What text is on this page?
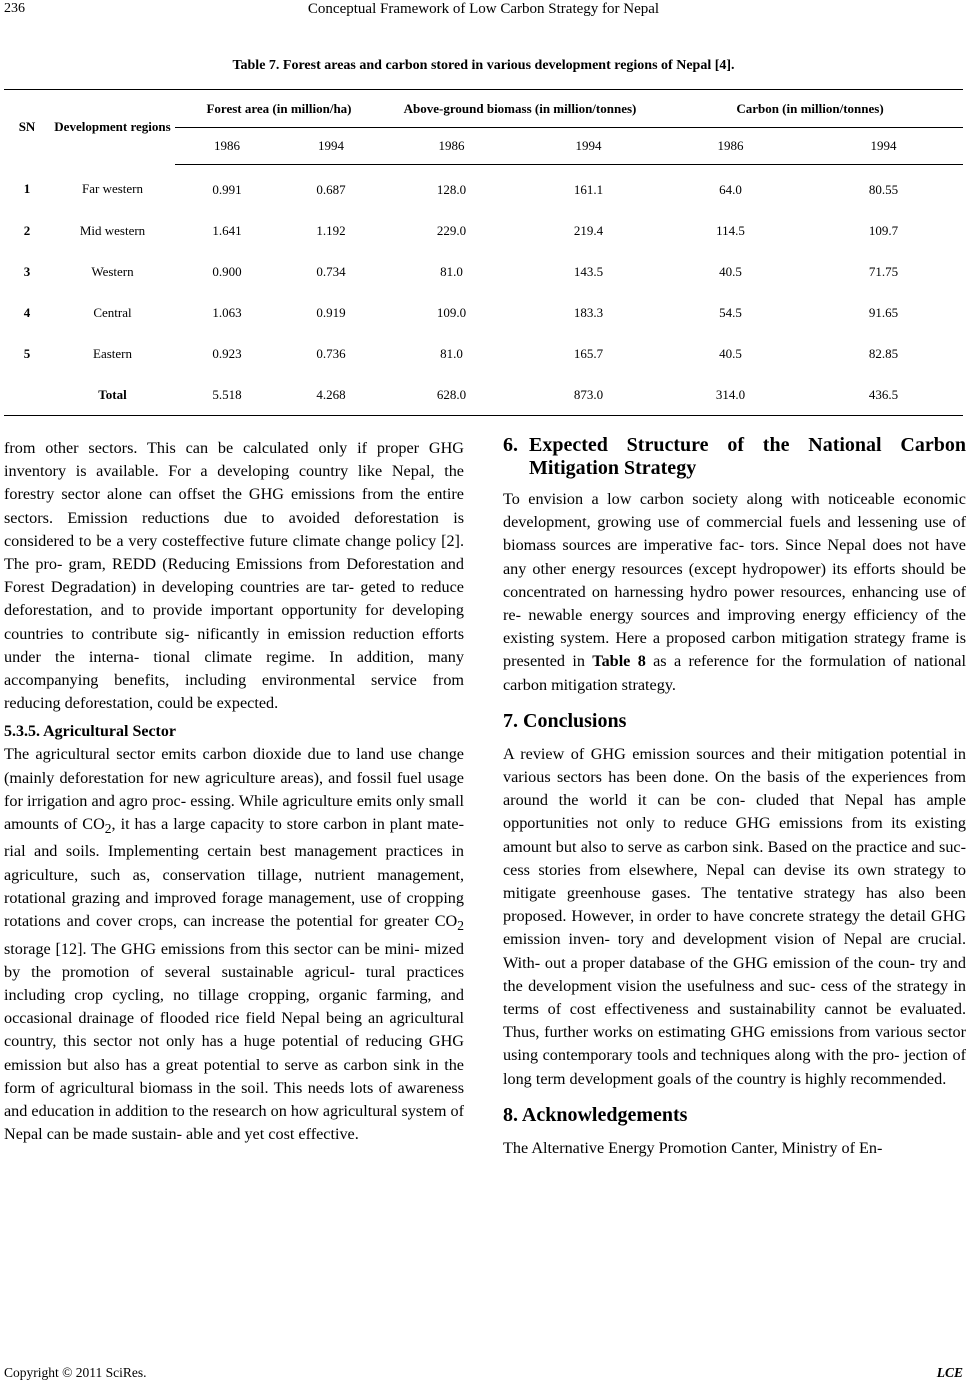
236	Conceptual Framework of Low Carbon Strategy for Nepal
Table 7. Forest areas and carbon stored in various development regions of Nepal [4].
SN	Development regions	Forest area (in million/ha)		Above-ground biomass (in million/tonnes)		Carbon (in million/tonnes)	
		1986	1994	1986	1994	1986	1994
1	Far western	0.991	0.687	128.0	161.1	64.0	80.55
2	Mid western	1.641	1.192	229.0	219.4	114.5	109.7
3	Western	0.900	0.734	81.0	143.5	40.5	71.75
4	Central	1.063	0.919	109.0	183.3	54.5	91.65
5	Eastern	0.923	0.736	81.0	165.7	40.5	82.85
	Total	5.518	4.268	628.0	873.0	314.0	436.5

from other sectors. This can be calculated only if proper GHG inventory is available. For a developing country like Nepal, the forestry sector alone can offset the GHG emissions from the entire sectors. Emission reductions due to avoided deforestation is considered to be a very costeffective future climate change policy [2]. The pro- gram, REDD (Reducing Emissions from Deforestation and Forest Degradation) in developing countries are tar- geted to reduce deforestation, and to provide important opportunity for developing countries to contribute sig- nificantly in emission reduction efforts under the interna- tional climate regime. In addition, many accompanying benefits, including environmental service from reducing deforestation, could be expected.

5.3.5. Agricultural Sector

The agricultural sector emits carbon dioxide due to land use change (mainly deforestation for new agriculture areas), and fossil fuel usage for irrigation and agro proc- essing. While agriculture emits only small amounts of $CO_2$, it has a large capacity to store carbon in plant mate- rial and soils. Implementing certain best management practices in agriculture, such as, conservation tillage, nutrient management, rotational grazing and improved forage management, use of cropping rotations and cover crops, can increase the potential for greater $CO_2$ storage [12]. The GHG emissions from this sector can be mini- mized by the promotion of several sustainable agricul- tural practices including crop cycling, no tillage cropping, organic farming, and occasional drainage of flooded rice field Nepal being an agricultural country, this sector not only has a huge potential of reducing GHG emission but also has a great potential to serve as carbon sink in the form of agricultural biomass in the soil. This needs lots of awareness and education in addition to the research on how agricultural system of Nepal can be made sustain- able and yet cost effective.

6. Expected Structure of the National Carbon Mitigation Strategy

To envision a low carbon society along with noticeable economic development, growing use of commercial fuels and lessening use of biomass sources are imperative fac- tors. Since Nepal does not have any other energy resources (except hydropower) its efforts should be concentrated on harnessing hydro power resources, enhancing use of re- newable energy sources and improving energy efficiency of the existing system. Here a proposed carbon mitigation strategy frame is presented in Table 8 as a reference for the formulation of national carbon mitigation strategy.

7. Conclusions

A review of GHG emission sources and their mitigation potential in various sectors has been done. On the basis of the experiences from around the world it can be con- cluded that Nepal has ample opportunities not only to reduce GHG emissions from its existing amount but also to serve as carbon sink. Based on the practice and suc- cess stories from elsewhere, Nepal can devise its own strategy to mitigate greenhouse gases. The tentative strategy has also been proposed. However, in order to have concrete strategy the detail GHG emission inven- tory and development vision of Nepal are crucial. With- out a proper database of the GHG emission of the coun- try and the development vision the usefulness and suc- cess of the strategy in terms of cost effectiveness and sustainability cannot be evaluated. Thus, further works on estimating GHG emissions from various sector using contemporary tools and techniques along with the pro- jection of long term development goals of the country is highly recommended.

8. Acknowledgements

The Alternative Energy Promotion Canter, Ministry of En-

Copyright © 2011 SciRes.	LCE
